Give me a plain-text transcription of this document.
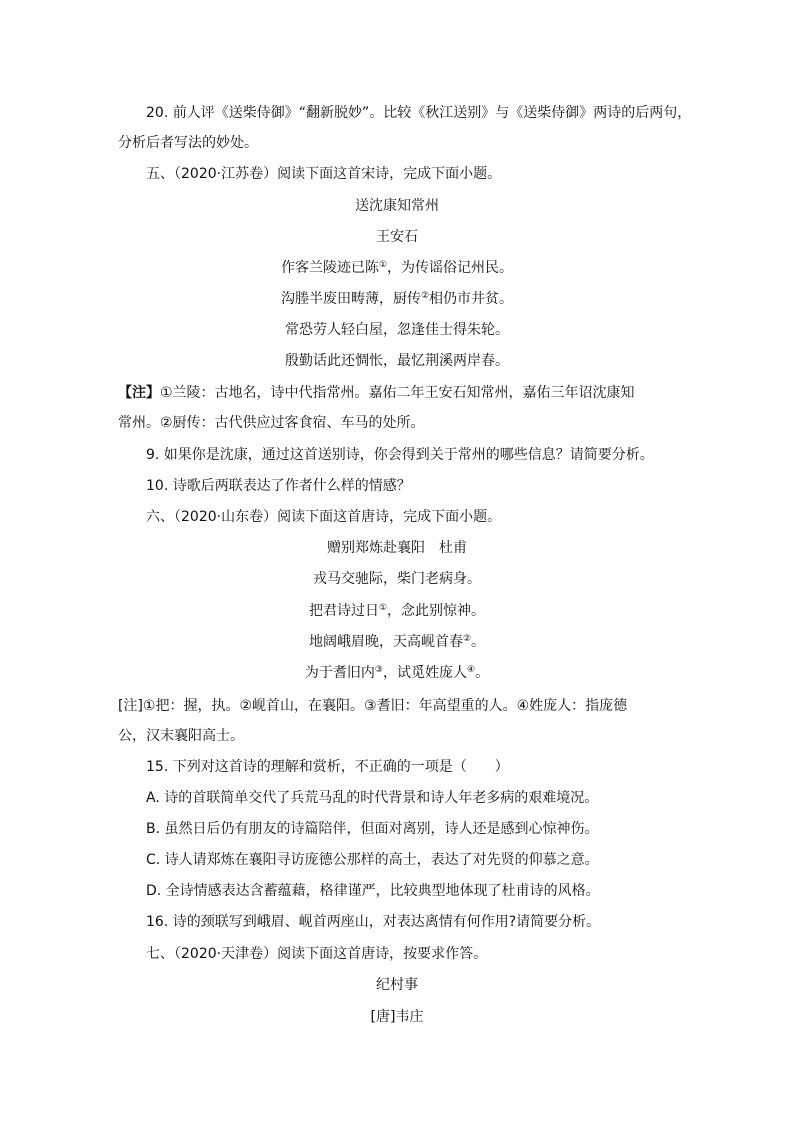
20. 前人评《送柴侍御》“翻新脱妙”。比较《秋江送别》与《送柴侍御》两诗的后两句，
分析后者写法的妙处。
五、（2020·江苏卷）阅读下面这首宋诗，完成下面小题。
送沈康知常州
王安石
作客兰陵迹已陈①，为传谣俗记州民。
沟塍半废田畴薄，厨传②相仍市井贫。
常恐劳人轻白屋，忽逢佳士得朱轮。
殷勤话此还惆怅，最忆荆溪两岸春。
【注】①兰陵：古地名，诗中代指常州。嘉佑二年王安石知常州，嘉佑三年诏沈康知
常州。②厨传：古代供应过客食宿、车马的处所。
9. 如果你是沈康，通过这首送别诗，你会得到关于常州的哪些信息？请简要分析。
10. 诗歌后两联表达了作者什么样的情感？
六、（2020·山东卷）阅读下面这首唐诗，完成下面小题。
赠别郑炼赴襄阳　杜甫
戎马交驰际，柴门老病身。
把君诗过日①，念此别惊神。
地阔峨眉晚，天高岘首春②。
为于耆旧内③，试觅姓庞人④。
[注]①把：握，执。②岘首山，在襄阳。③耆旧：年高望重的人。④姓庞人：指庞德
公，汉末襄阳高士。
15. 下列对这首诗的理解和赏析，不正确的一项是（　　）
A. 诗的首联简单交代了兵荒马乱的时代背景和诗人年老多病的艰难境况。
B. 虽然日后仍有朋友的诗篇陪伴，但面对离别，诗人还是感到心惊神伤。
C. 诗人请郑炼在襄阳寻访庞德公那样的高士，表达了对先贤的仰慕之意。
D. 全诗情感表达含蓄蕴藉，格律谨严，比较典型地体现了杜甫诗的风格。
16. 诗的颈联写到峨眉、岘首两座山，对表达离情有何作用?请简要分析。
七、（2020·天津卷）阅读下面这首唐诗，按要求作答。
纪村事
[唐]韦庄
